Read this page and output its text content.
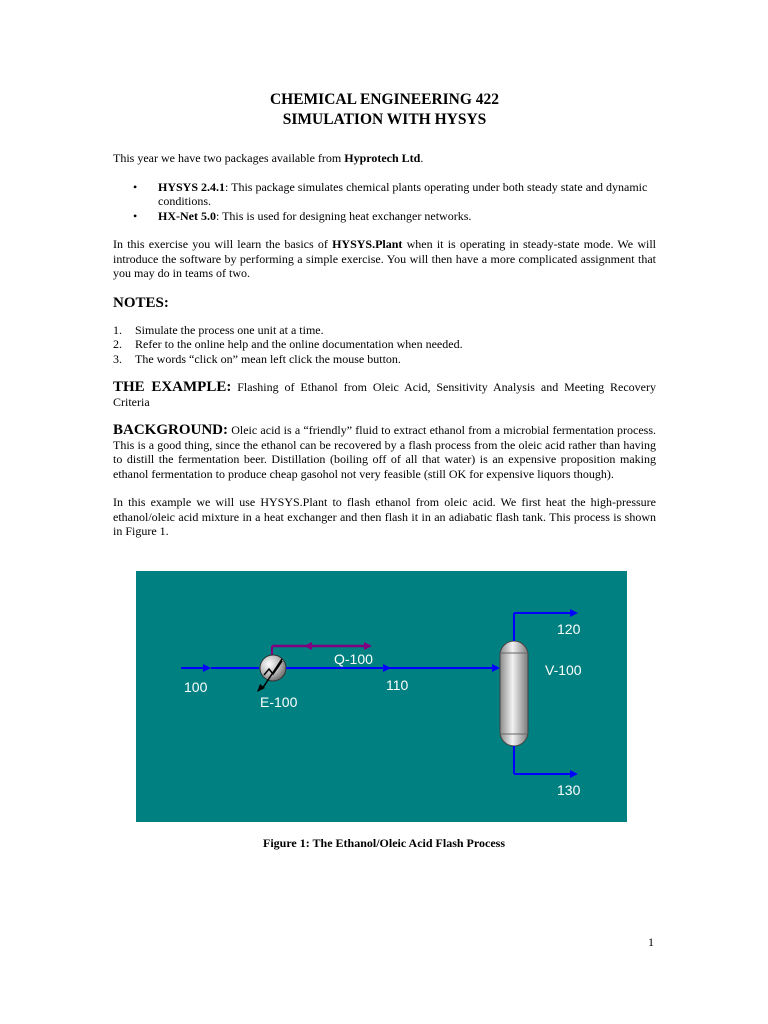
CHEMICAL ENGINEERING 422
SIMULATION WITH HYSYS

This year we have two packages available from Hyprotech Ltd.

• HYSYS 2.4.1: This package simulates chemical plants operating under both steady state and dynamic conditions.
• HX-Net 5.0: This is used for designing heat exchanger networks.

In this exercise you will learn the basics of HYSYS.Plant when it is operating in steady-state mode. We will introduce the software by performing a simple exercise. You will then have a more complicated assignment that you may do in teams of two.

NOTES:
1. Simulate the process one unit at a time.
2. Refer to the online help and the online documentation when needed.
3. The words “click on” mean left click the mouse button.

THE EXAMPLE: Flashing of Ethanol from Oleic Acid, Sensitivity Analysis and Meeting Recovery Criteria

BACKGROUND: Oleic acid is a “friendly” fluid to extract ethanol from a microbial fermentation process. This is a good thing, since the ethanol can be recovered by a flash process from the oleic acid rather than having to distill the fermentation beer. Distillation (boiling off of all that water) is an expensive proposition making ethanol fermentation to produce cheap gasohol not very feasible (still OK for expensive liquors though).

In this example we will use HYSYS.Plant to flash ethanol from oleic acid. We first heat the high-pressure ethanol/oleic acid mixture in a heat exchanger and then flash it in an adiabatic flash tank. This process is shown in Figure 1.

100
E-100
Q-100
110
V-100
120
130
Figure 1: The Ethanol/Oleic Acid Flash Process
1
